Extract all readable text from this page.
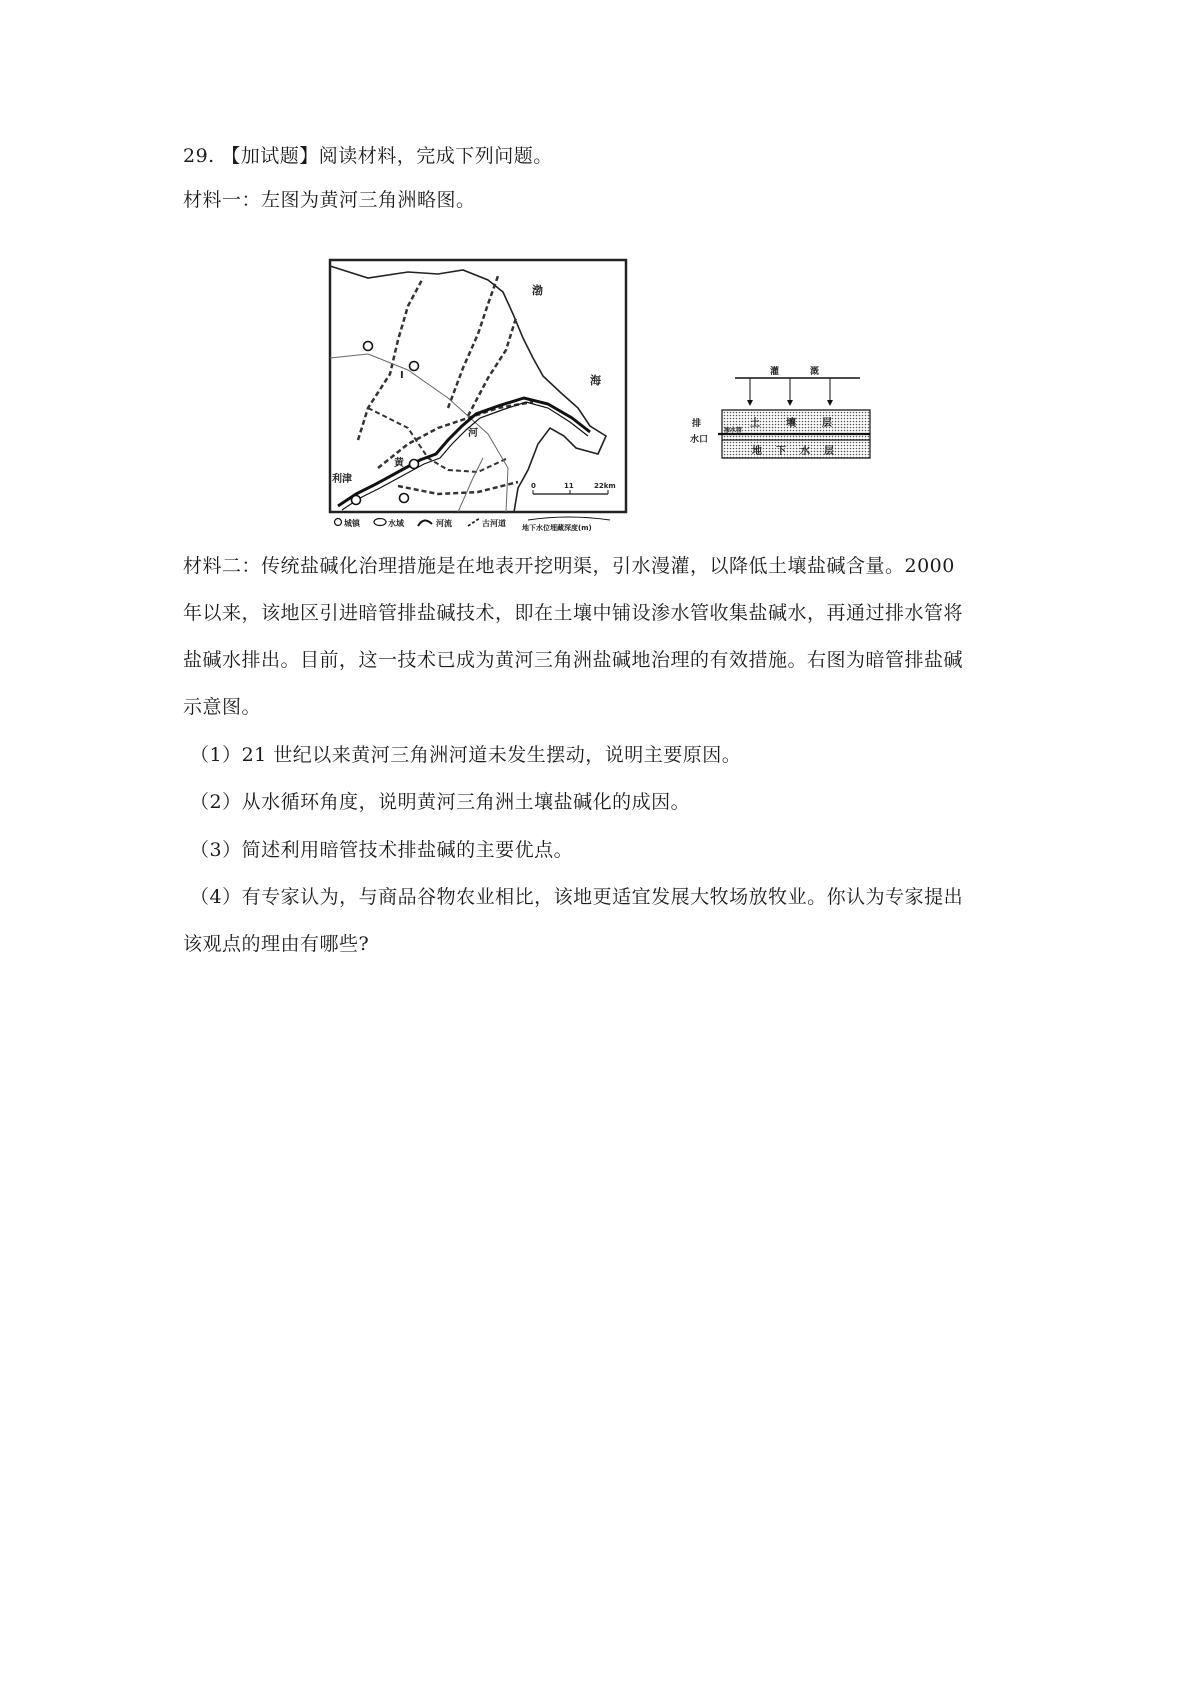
29. 【加试题】阅读材料，完成下列问题。
材料一：左图为黄河三角洲略图。
渤
海
河
黄
利津
I
0	11	22km
城镇	水域	河流	古河道 地下水位埋藏深度(m)
灌	溉
土	壤	层
地 下 水 层
渗水管
排
水口
材料二：传统盐碱化治理措施是在地表开挖明渠，引水漫灌，以降低土壤盐碱含量。2000
年以来，该地区引进暗管排盐碱技术，即在土壤中铺设渗水管收集盐碱水，再通过排水管将
盐碱水排出。目前，这一技术已成为黄河三角洲盐碱地治理的有效措施。右图为暗管排盐碱
示意图。
（1）21 世纪以来黄河三角洲河道未发生摆动，说明主要原因。
（2）从水循环角度，说明黄河三角洲土壤盐碱化的成因。
（3）简述利用暗管技术排盐碱的主要优点。
（4）有专家认为，与商品谷物农业相比，该地更适宜发展大牧场放牧业。你认为专家提出
该观点的理由有哪些?
